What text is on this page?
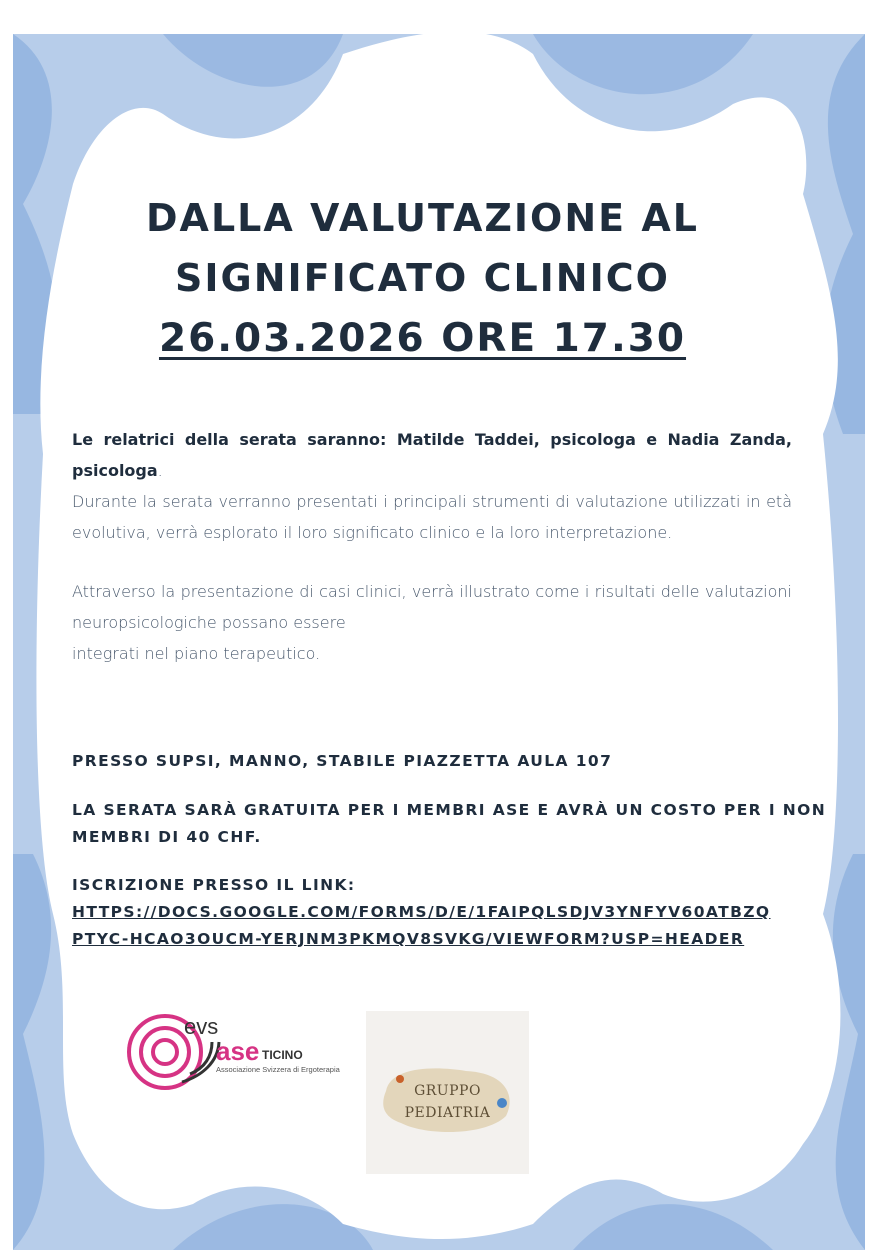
DALLA VALUTAZIONE AL
SIGNIFICATO CLINICO
26.03.2026 ORE 17.30
Le relatrici della serata saranno: Matilde Taddei, psicologa e Nadia Zanda, psicologa.
Durante la serata verranno presentati i principali strumenti di valutazione utilizzati in età evolutiva, verrà esplorato il loro significato clinico e la loro interpretazione.
Attraverso la presentazione di casi clinici, verrà illustrato come i risultati delle valutazioni neuropsicologiche possano essere
integrati nel piano terapeutico.
PRESSO SUPSI, MANNO, STABILE PIAZZETTA AULA 107
LA SERATA SARÀ GRATUITA PER I MEMBRI ASE E AVRÀ UN COSTO PER I NON MEMBRI DI 40 CHF.
ISCRIZIONE PRESSO IL LINK:
HTTPS://DOCS.GOOGLE.COM/FORMS/D/E/1FAIPQLSDJV3YNFYV60ATBZQ
PTYC-HCAO3OUCM-YERJNM3PKMQV8SVKG/VIEWFORM?USP=HEADER
evs
ase TICINO
Associazione Svizzera di Ergoterapia
GRUPPO
PEDIATRIA
